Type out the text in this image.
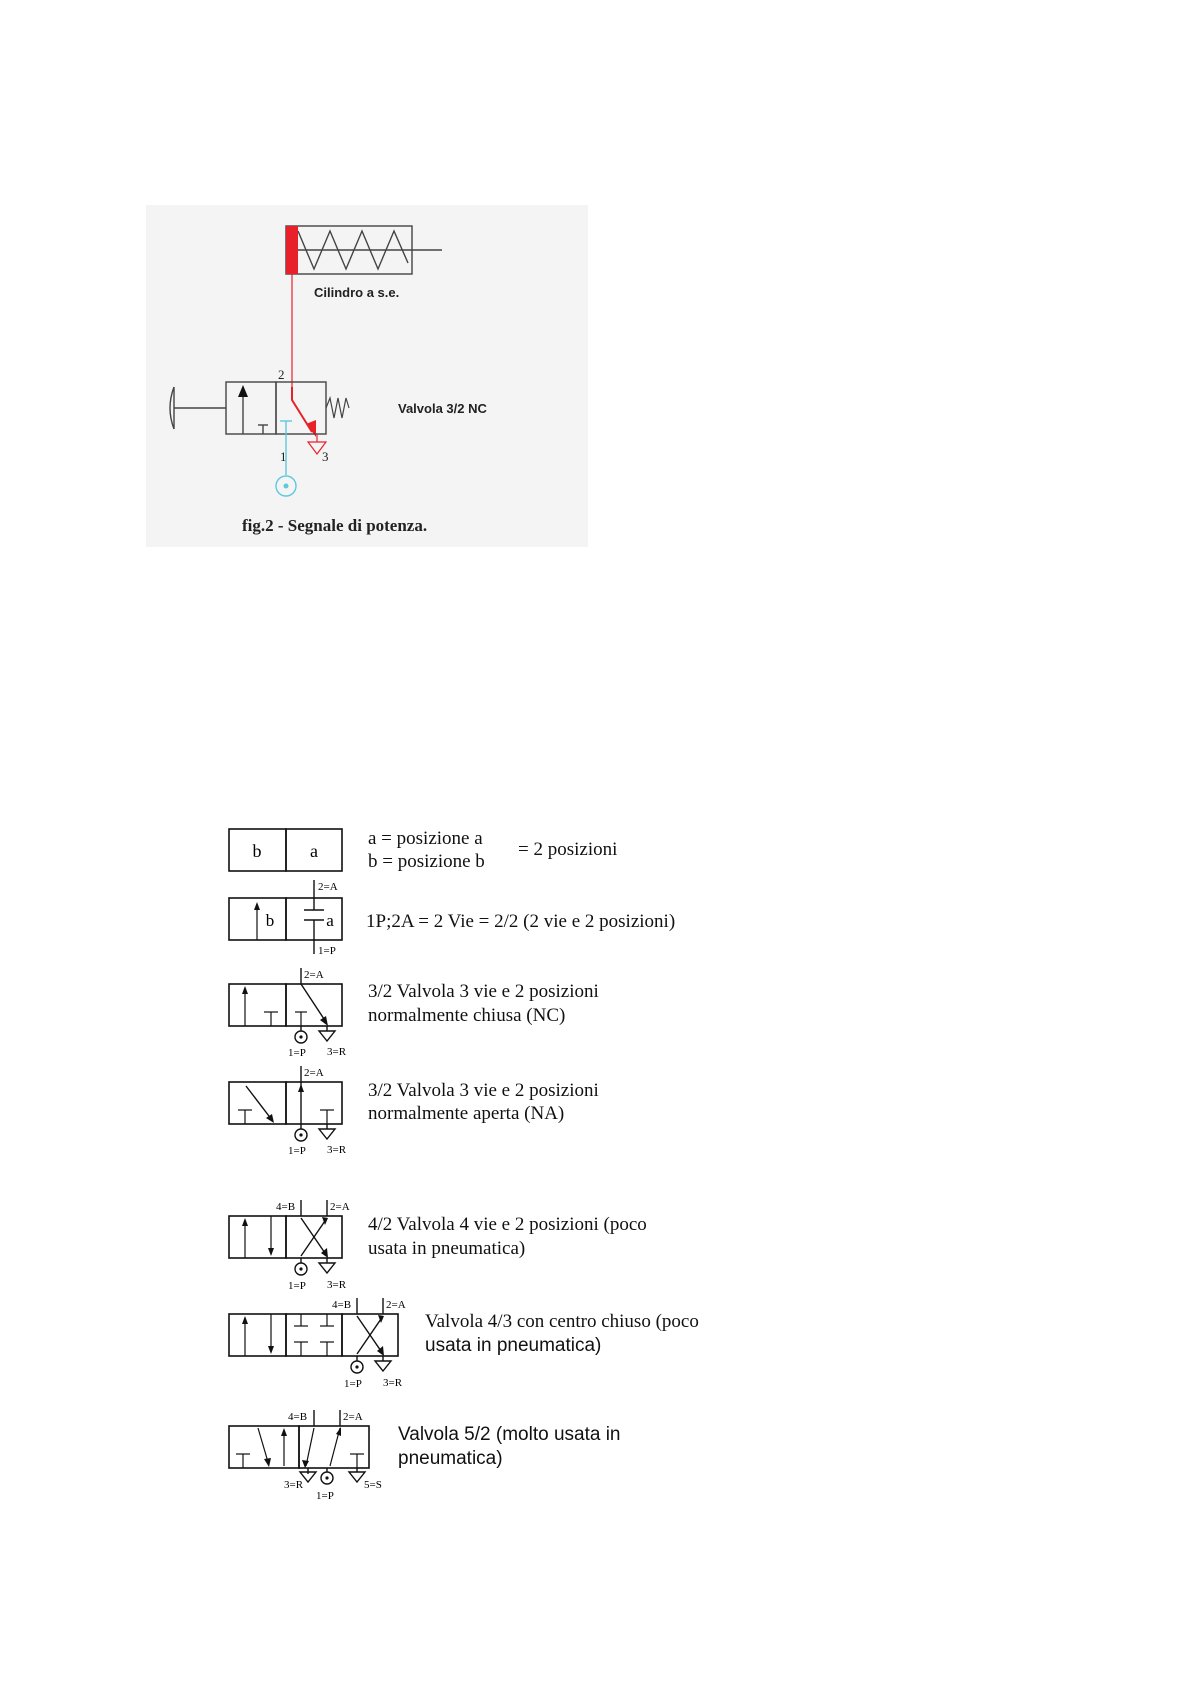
Cilindro a s.e.
Valvola 3/2 NC
2
1	3
fig.2 - Segnale di potenza.
b	a
a = posizione a
b = posizione b
= 2 posizioni
b	a
2=A
1=P
1P;2A = 2 Vie = 2/2 (2 vie e 2 posizioni)
2=A
1=P 3=R
3/2 Valvola 3 vie e 2 posizioni
normalmente chiusa (NC)
2=A
1=P 3=R
3/2 Valvola 3 vie e 2 posizioni
normalmente aperta (NA)
4=B	2=A
1=P 3=R
4/2 Valvola 4 vie e 2 posizioni (poco
usata in pneumatica)
4=B	2=A
1=P 3=R
Valvola 4/3 con centro chiuso (poco
usata in pneumatica)
4=B	2=A
3=R
1=P
5=S
Valvola 5/2 (molto usata in
pneumatica)
